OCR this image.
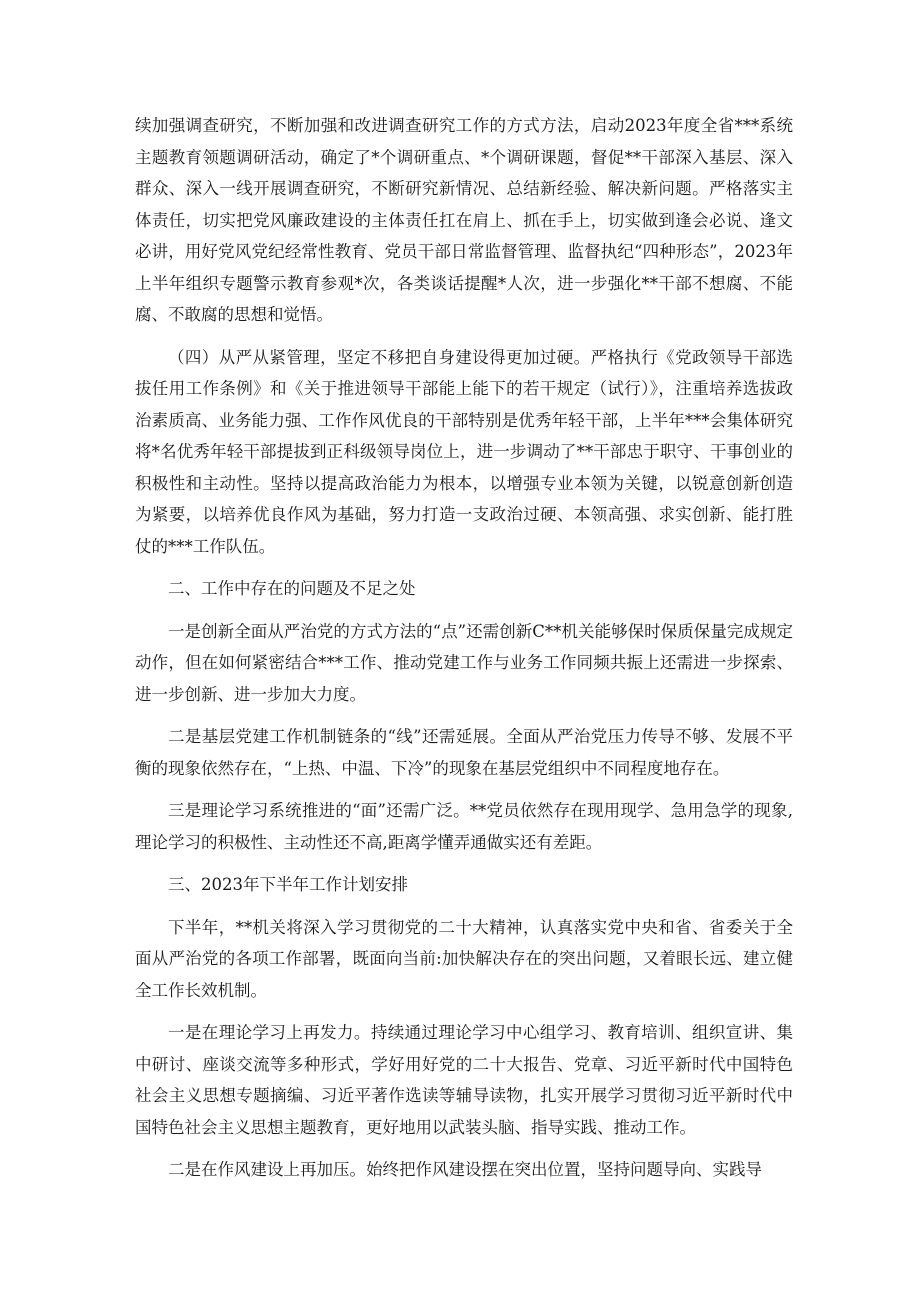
续加强调查研究，不断加强和改进调查研究工作的方式方法，启动2023年度全省***系统主题教育领题调研活动，确定了*个调研重点、*个调研课题，督促**干部深入基层、深入群众、深入一线开展调查研究，不断研究新情况、总结新经验、解决新问题。严格落实主体责任，切实把党风廉政建设的主体责任扛在肩上、抓在手上，切实做到逢会必说、逢文必讲，用好党风党纪经常性教育、党员干部日常监督管理、监督执纪“四种形态”，2023年上半年组织专题警示教育参观*次，各类谈话提醒*人次，进一步强化**干部不想腐、不能腐、不敢腐的思想和觉悟。

（四）从严从紧管理，坚定不移把自身建设得更加过硬。严格执行《党政领导干部选拔任用工作条例》和《关于推进领导干部能上能下的若干规定（试行）》，注重培养选拔政治素质高、业务能力强、工作作风优良的干部特别是优秀年轻干部，上半年***会集体研究将*名优秀年轻干部提拔到正科级领导岗位上，进一步调动了**干部忠于职守、干事创业的积极性和主动性。坚持以提高政治能力为根本，以增强专业本领为关键，以锐意创新创造为紧要，以培养优良作风为基础，努力打造一支政治过硬、本领高强、求实创新、能打胜仗的***工作队伍。

二、工作中存在的问题及不足之处

一是创新全面从严治党的方式方法的“点”还需创新C**机关能够保时保质保量完成规定动作，但在如何紧密结合***工作、推动党建工作与业务工作同频共振上还需进一步探索、进一步创新、进一步加大力度。

二是基层党建工作机制链条的“线”还需延展。全面从严治党压力传导不够、发展不平衡的现象依然存在，“上热、中温、下冷”的现象在基层党组织中不同程度地存在。

三是理论学习系统推进的“面”还需广泛。**党员依然存在现用现学、急用急学的现象,理论学习的积极性、主动性还不高,距离学懂弄通做实还有差距。

三、2023年下半年工作计划安排

下半年，**机关将深入学习贯彻党的二十大精神，认真落实党中央和省、省委关于全面从严治党的各项工作部署，既面向当前:加快解决存在的突出问题，又着眼长远、建立健全工作长效机制。

一是在理论学习上再发力。持续通过理论学习中心组学习、教育培训、组织宣讲、集中研讨、座谈交流等多种形式，学好用好党的二十大报告、党章、习近平新时代中国特色社会主义思想专题摘编、习近平著作选读等辅导读物，扎实开展学习贯彻习近平新时代中国特色社会主义思想主题教育，更好地用以武装头脑、指导实践、推动工作。

二是在作风建设上再加压。始终把作风建设摆在突出位置，坚持问题导向、实践导
